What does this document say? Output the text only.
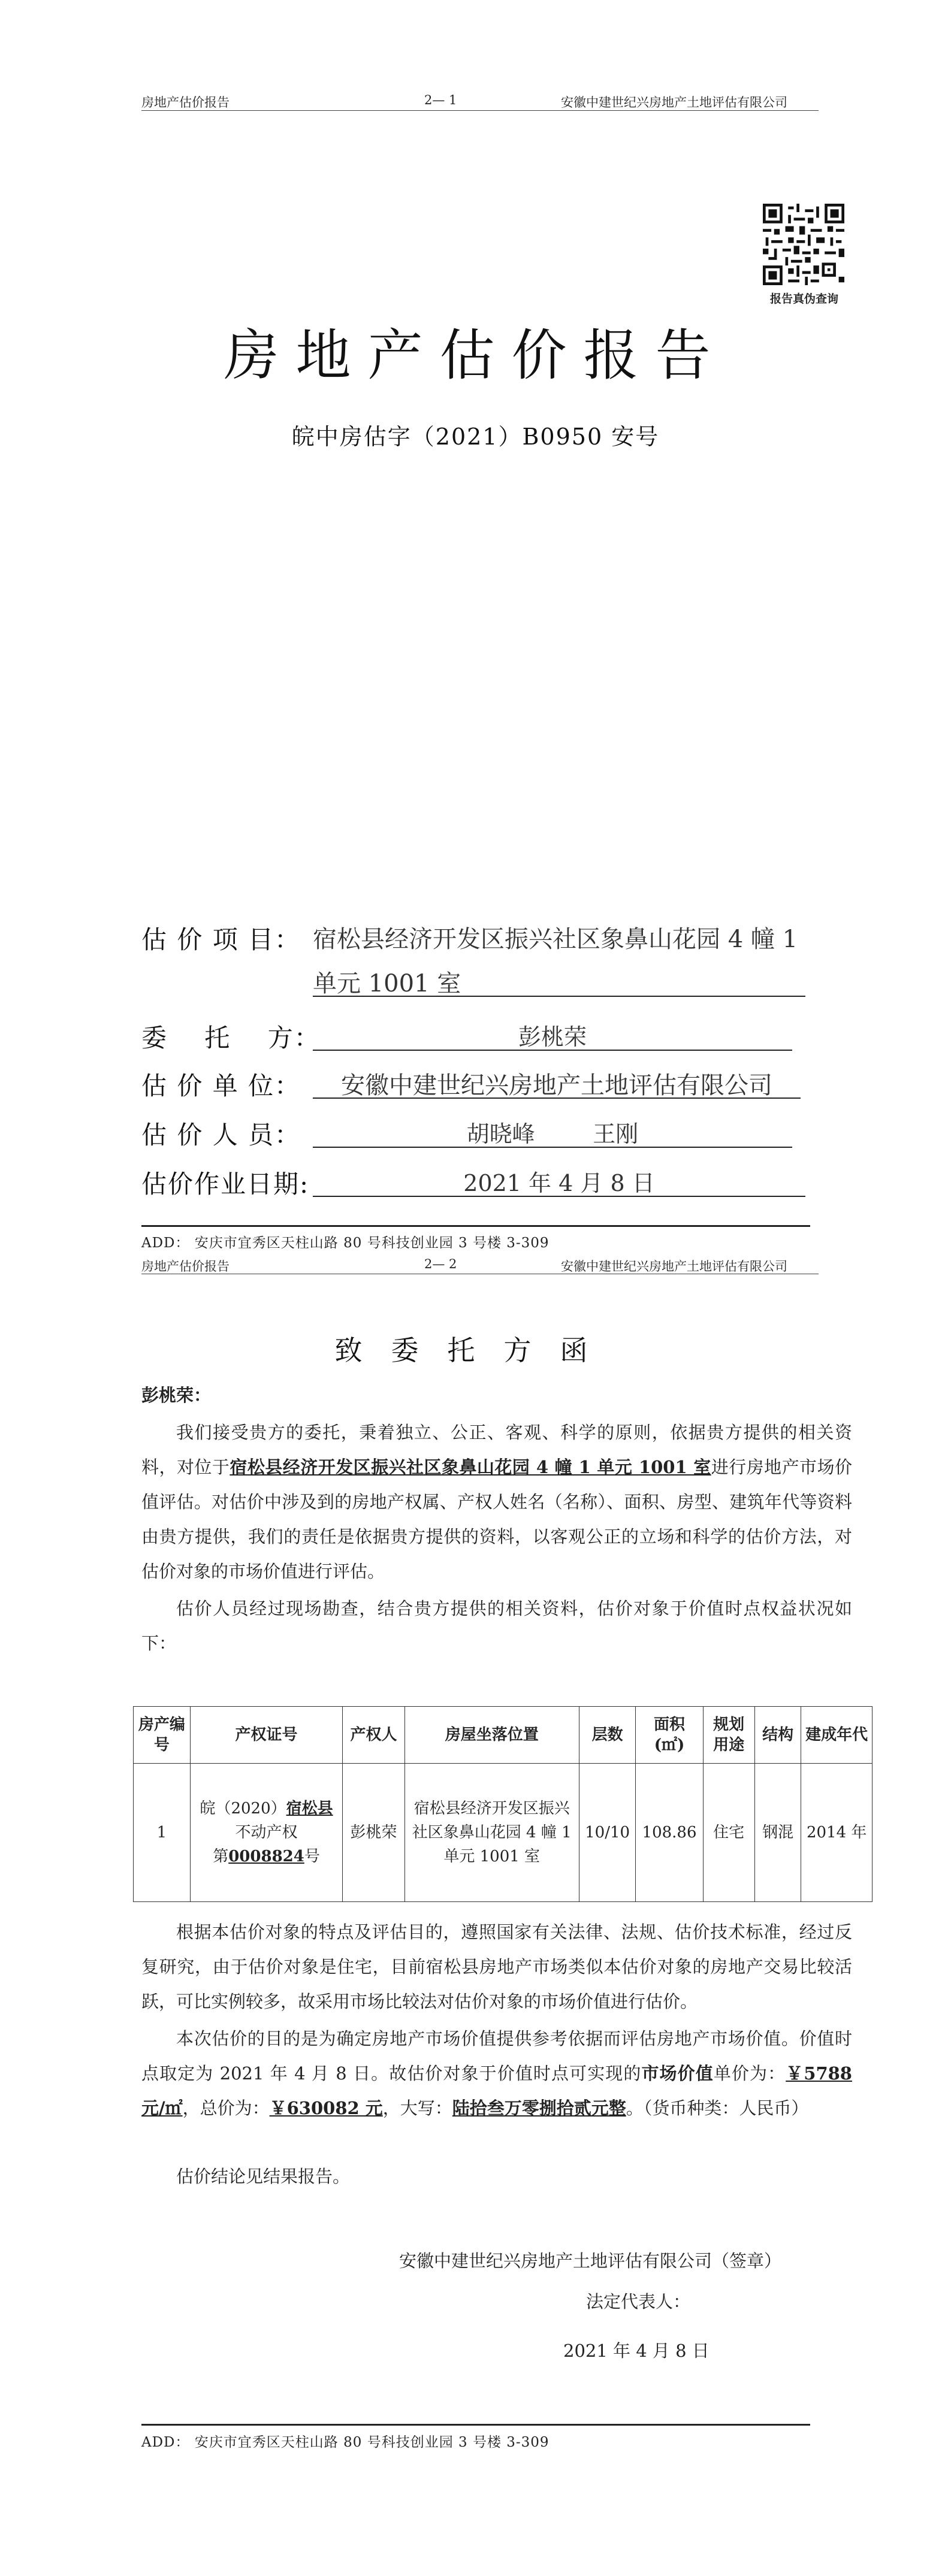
房地产估价报告	2— 1	安徽中建世纪兴房地产土地评估有限公司
报告真伪查询
房地产估价报告
皖中房估字（2021）B0950 安号
估 价 项 目： 宿松县经济开发区振兴社区象鼻山花园 4 幢 1
单元 1001 室
委    托    方：	彭桃荣
估 价 单 位：	安徽中建世纪兴房地产土地评估有限公司
估 价 人 员：	胡晓峰        王刚
估价作业日期:	2021 年 4 月 8 日
ADD： 安庆市宜秀区天柱山路 80 号科技创业园 3 号楼 3-309
房地产估价报告	2— 2	安徽中建世纪兴房地产土地评估有限公司
致委托方函
彭桃荣：
我们接受贵方的委托，秉着独立、公正、客观、科学的原则，依据贵方提供的相关资料，对位于宿松县经济开发区振兴社区象鼻山花园 4 幢 1 单元 1001 室进行房地产市场价值评估。对估价中涉及到的房地产权属、产权人姓名（名称）、面积、房型、建筑年代等资料由贵方提供，我们的责任是依据贵方提供的资料，以客观公正的立场和科学的估价方法，对估价对象的市场价值进行评估。
估价人员经过现场勘查，结合贵方提供的相关资料，估价对象于价值时点权益状况如下：
房产编号	产权证号	产权人	房屋坐落位置	层数	面积(㎡)	规划用途	结构	建成年代
1	皖（2020）宿松县
不动产权
第0008824号	彭桃荣	宿松县经济开发区振兴社区象鼻山花园 4 幢 1 单元 1001 室	10/10	108.86	住宅	钢混	2014 年
根据本估价对象的特点及评估目的，遵照国家有关法律、法规、估价技术标准，经过反复研究，由于估价对象是住宅，目前宿松县房地产市场类似本估价对象的房地产交易比较活跃，可比实例较多，故采用市场比较法对估价对象的市场价值进行估价。
本次估价的目的是为确定房地产市场价值提供参考依据而评估房地产市场价值。价值时点取定为 2021 年 4 月 8 日。故估价对象于价值时点可实现的市场价值单价为：￥5788 元/㎡，总价为：￥630082 元，大写：陆拾叁万零捌拾贰元整。（货币种类：人民币）
估价结论见结果报告。
安徽中建世纪兴房地产土地评估有限公司（签章）
法定代表人：
2021 年 4 月 8 日
ADD： 安庆市宜秀区天柱山路 80 号科技创业园 3 号楼 3-309
